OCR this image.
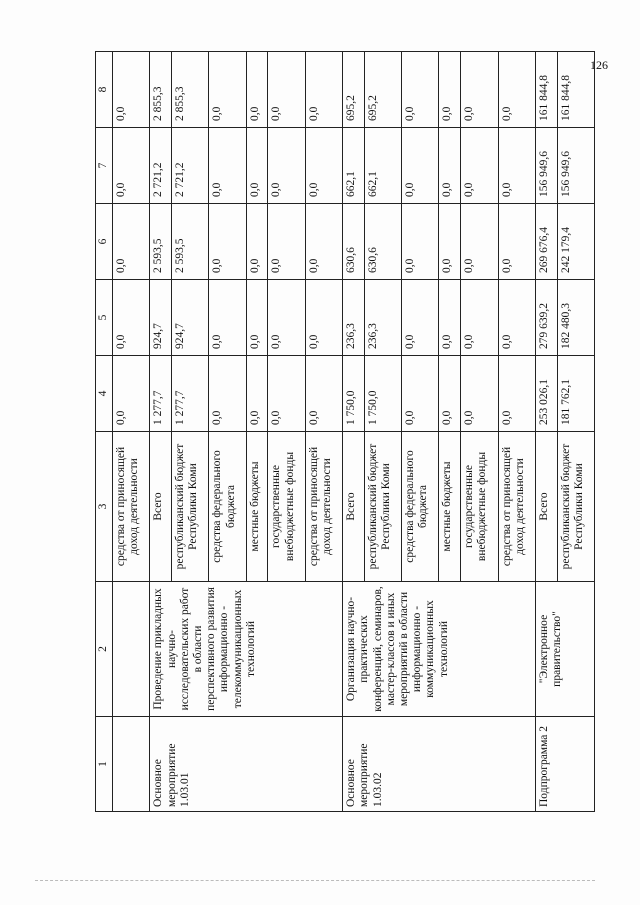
1	2	3	4	5	6	7	8
		средства от приносящей доход деятельности	0,0	0,0	0,0	0,0	0,0
Основное мероприятие 1.03.01	Проведение прикладных научно-исследовательских работ в области перспективного развития информационно - телекоммуникационных технологий	Всего	1 277,7	924,7	2 593,5	2 721,2	2 855,3
		республиканский бюджет Республики Коми	1 277,7	924,7	2 593,5	2 721,2	2 855,3
		средства федерального бюджета	0,0	0,0	0,0	0,0	0,0
		местные бюджеты	0,0	0,0	0,0	0,0	0,0
		государственные внебюджетные фонды	0,0	0,0	0,0	0,0	0,0
		средства от приносящей доход деятельности	0,0	0,0	0,0	0,0	0,0
Основное мероприятие 1.03.02	Организация научно-практических конференций, семинаров, мастер-классов и иных мероприятий в области информационно - коммуникационных технологий	Всего	1 750,0	236,3	630,6	662,1	695,2
		республиканский бюджет Республики Коми	1 750,0	236,3	630,6	662,1	695,2
		средства федерального бюджета	0,0	0,0	0,0	0,0	0,0
		местные бюджеты	0,0	0,0	0,0	0,0	0,0
		государственные внебюджетные фонды	0,0	0,0	0,0	0,0	0,0
		средства от приносящей доход деятельности	0,0	0,0	0,0	0,0	0,0
Подпрограмма 2	"Электронное правительство"	Всего	253 026,1	279 639,2	269 676,4	156 949,6	161 844,8
		республиканский бюджет Республики Коми	181 762,1	182 480,3	242 179,4	156 949,6	161 844,8
126
